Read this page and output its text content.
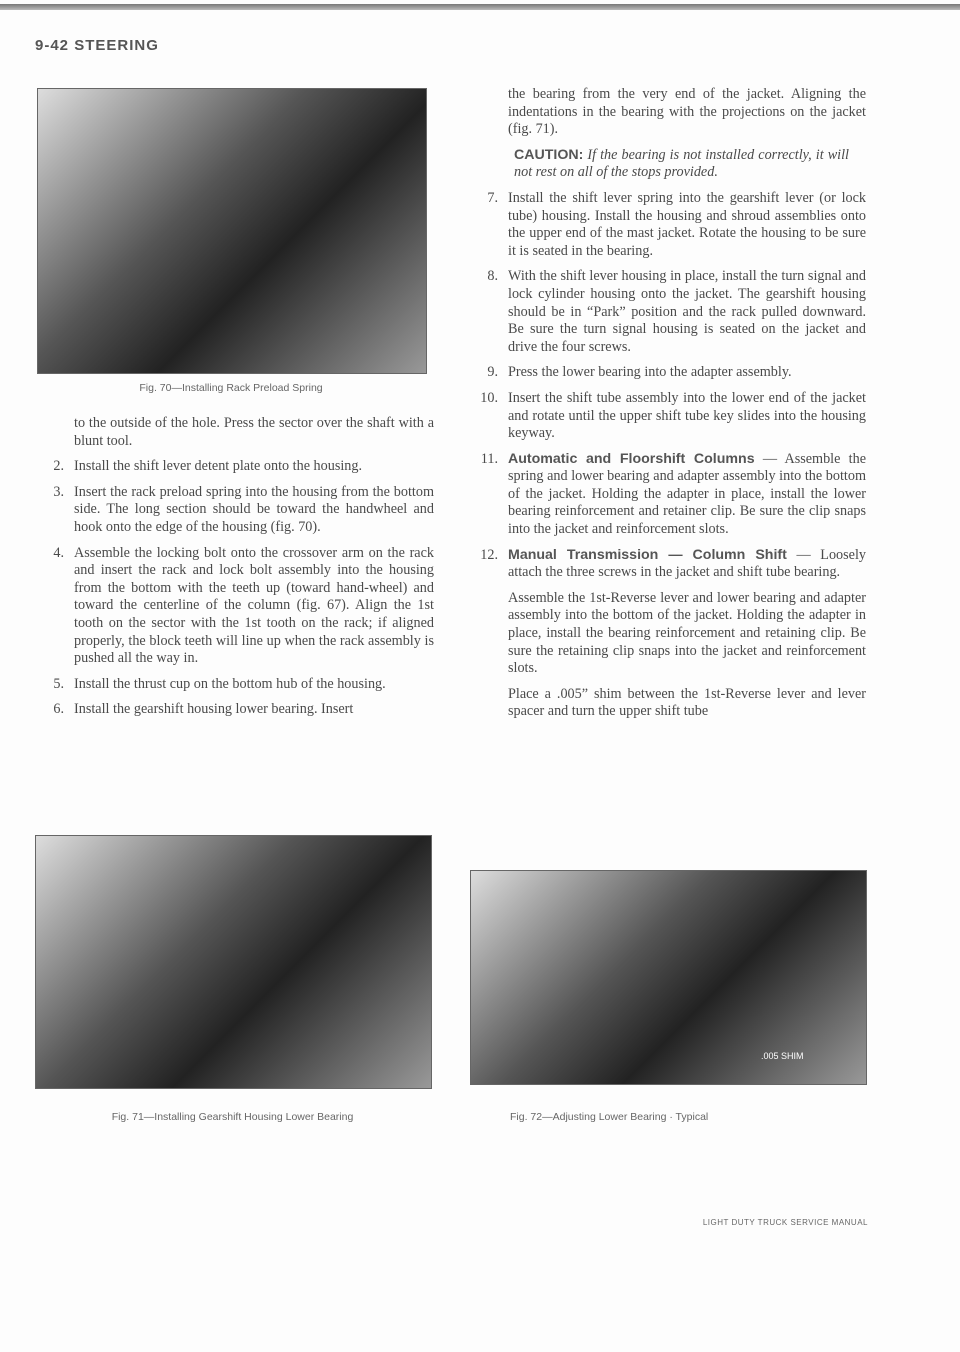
9-42 STEERING
Fig. 70—Installing Rack Preload Spring

to the outside of the hole. Press the sector over the shaft with a blunt tool.

2. Install the shift lever detent plate onto the housing.
3. Insert the rack preload spring into the housing from the bottom side. The long section should be toward the handwheel and hook onto the edge of the housing (fig. 70).
4. Assemble the locking bolt onto the crossover arm on the rack and insert the rack and lock bolt assembly into the housing from the bottom with the teeth up (toward hand-wheel) and toward the centerline of the column (fig. 67). Align the 1st tooth on the sector with the 1st tooth on the rack; if aligned properly, the block teeth will line up when the rack assembly is pushed all the way in.
5. Install the thrust cup on the bottom hub of the housing.
6. Install the gearshift housing lower bearing. Insert

the bearing from the very end of the jacket. Aligning the indentations in the bearing with the projections on the jacket (fig. 71).

CAUTION: If the bearing is not installed correctly, it will not rest on all of the stops provided.

7. Install the shift lever spring into the gearshift lever (or lock tube) housing. Install the housing and shroud assemblies onto the upper end of the mast jacket. Rotate the housing to be sure it is seated in the bearing.
8. With the shift lever housing in place, install the turn signal and lock cylinder housing onto the jacket. The gearshift housing should be in “Park” position and the rack pulled downward. Be sure the turn signal housing is seated on the jacket and drive the four screws.
9. Press the lower bearing into the adapter assembly.
10. Insert the shift tube assembly into the lower end of the jacket and rotate until the upper shift tube key slides into the housing keyway.
11. Automatic and Floorshift Columns — Assemble the spring and lower bearing and adapter assembly into the bottom of the jacket. Holding the adapter in place, install the lower bearing reinforcement and retainer clip. Be sure the clip snaps into the jacket and reinforcement slots.
12. Manual Transmission — Column Shift — Loosely attach the three screws in the jacket and shift tube bearing.

Assemble the 1st-Reverse lever and lower bearing and adapter assembly into the bottom of the jacket. Holding the adapter in place, install the bearing reinforcement and retaining clip. Be sure the retaining clip snaps into the jacket and reinforcement slots.

Place a .005” shim between the 1st-Reverse lever and lever spacer and turn the upper shift tube

Fig. 71—Installing Gearshift Housing Lower Bearing
.005 SHIM
Fig. 72—Adjusting Lower Bearing · Typical
LIGHT DUTY TRUCK SERVICE MANUAL
